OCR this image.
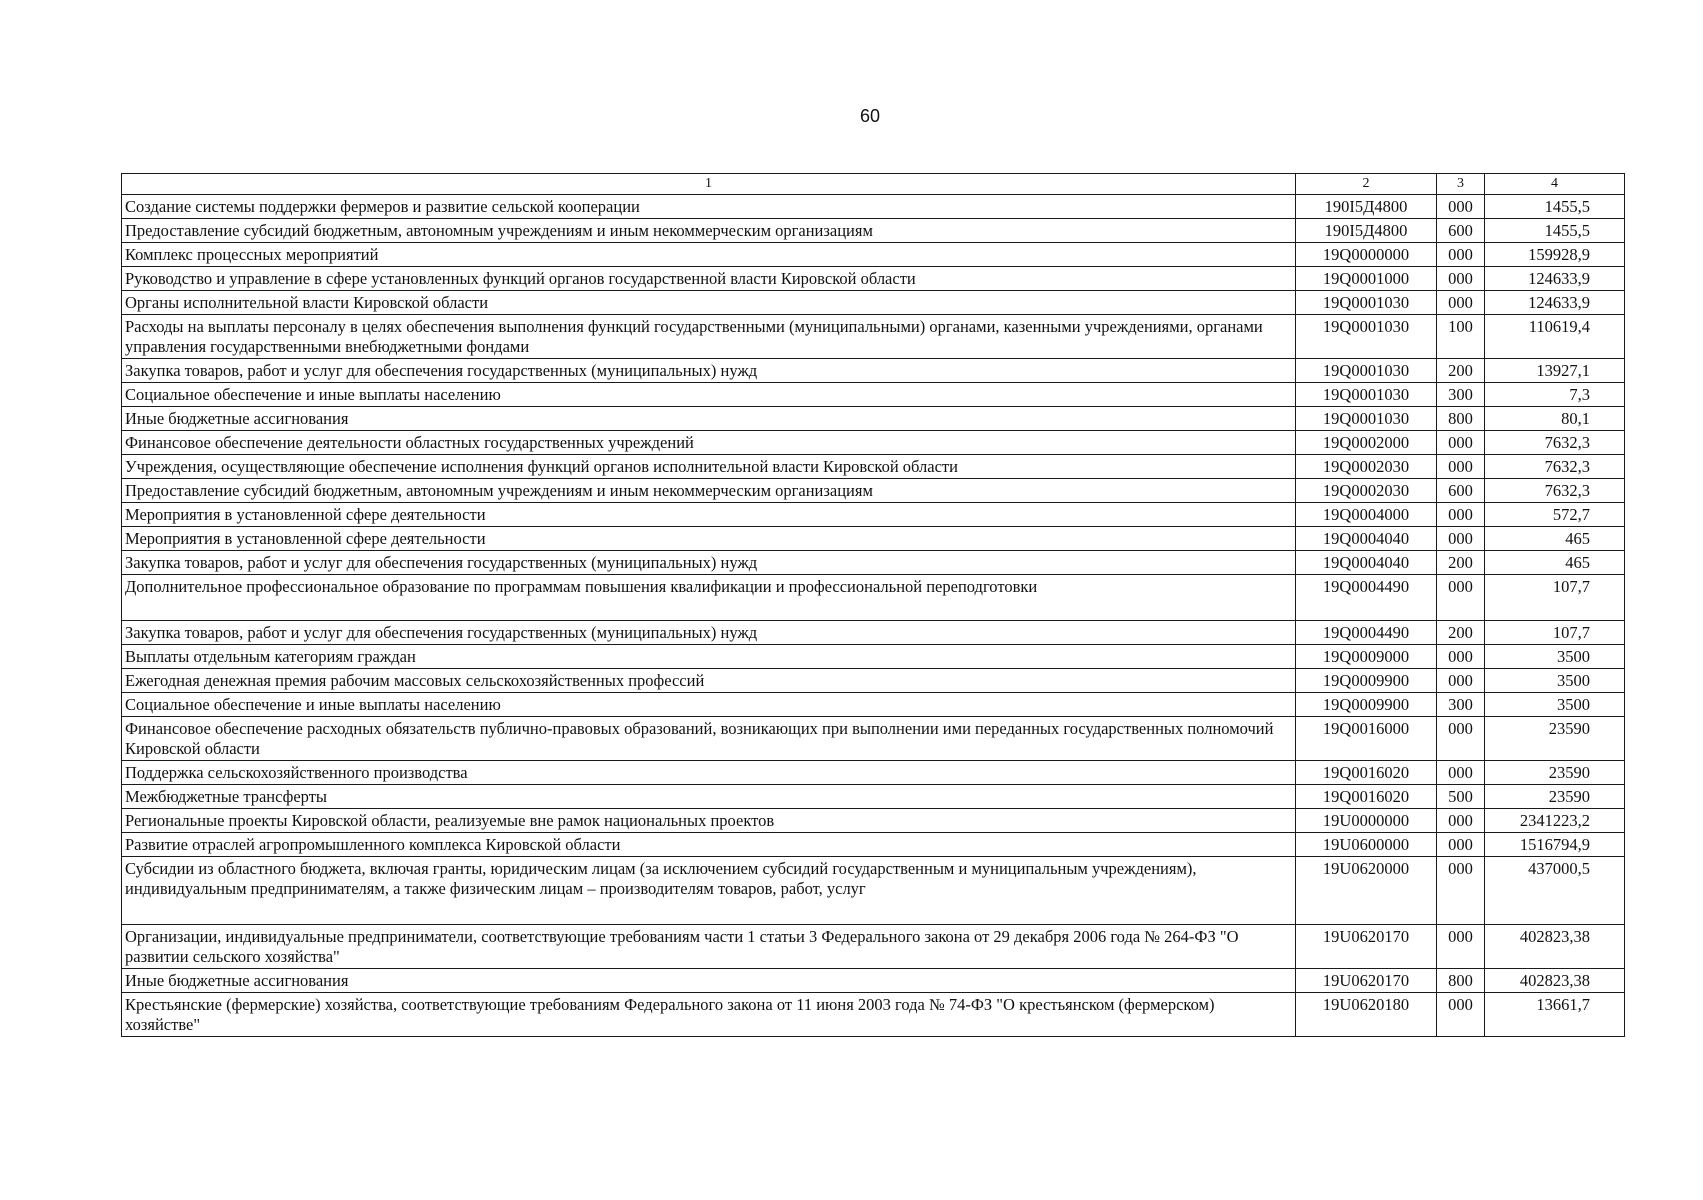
60
1	2	3	4
Создание системы поддержки фермеров и развитие сельской кооперации	190I5Д4800	000	1455,5
Предоставление субсидий бюджетным, автономным учреждениям и иным некоммерческим организациям	190I5Д4800	600	1455,5
Комплекс процессных мероприятий	19Q0000000	000	159928,9
Руководство и управление в сфере установленных функций органов государственной власти Кировской области	19Q0001000	000	124633,9
Органы исполнительной власти Кировской области	19Q0001030	000	124633,9
Расходы на выплаты персоналу в целях обеспечения выполнения функций государственными (муниципальными) органами, казенными учреждениями, органами управления государственными внебюджетными фондами	19Q0001030	100	110619,4
Закупка товаров, работ и услуг для обеспечения государственных (муниципальных) нужд	19Q0001030	200	13927,1
Социальное обеспечение и иные выплаты населению	19Q0001030	300	7,3
Иные бюджетные ассигнования	19Q0001030	800	80,1
Финансовое обеспечение деятельности областных государственных учреждений	19Q0002000	000	7632,3
Учреждения, осуществляющие обеспечение исполнения функций органов исполнительной власти Кировской области	19Q0002030	000	7632,3
Предоставление субсидий бюджетным, автономным учреждениям и иным некоммерческим организациям	19Q0002030	600	7632,3
Мероприятия в установленной сфере деятельности	19Q0004000	000	572,7
Мероприятия в установленной сфере деятельности	19Q0004040	000	465
Закупка товаров, работ и услуг для обеспечения государственных (муниципальных) нужд	19Q0004040	200	465
Дополнительное профессиональное образование по программам повышения квалификации и профессиональной переподготовки	19Q0004490	000	107,7
Закупка товаров, работ и услуг для обеспечения государственных (муниципальных) нужд	19Q0004490	200	107,7
Выплаты отдельным категориям граждан	19Q0009000	000	3500
Ежегодная денежная премия рабочим массовых сельскохозяйственных профессий	19Q0009900	000	3500
Социальное обеспечение и иные выплаты населению	19Q0009900	300	3500
Финансовое обеспечение расходных обязательств публично-правовых образований, возникающих при выполнении ими переданных государственных полномочий Кировской области	19Q0016000	000	23590
Поддержка сельскохозяйственного производства	19Q0016020	000	23590
Межбюджетные трансферты	19Q0016020	500	23590
Региональные проекты Кировской области, реализуемые вне рамок национальных проектов	19U0000000	000	2341223,2
Развитие отраслей агропромышленного комплекса Кировской области	19U0600000	000	1516794,9
Субсидии из областного бюджета, включая гранты, юридическим лицам (за исключением субсидий государственным и муниципальным учреждениям), индивидуальным предпринимателям, а также физическим лицам – производителям товаров, работ, услуг	19U0620000	000	437000,5
Организации, индивидуальные предприниматели, соответствующие требованиям части 1 статьи 3 Федерального закона от 29 декабря 2006 года № 264-ФЗ "О развитии сельского хозяйства"	19U0620170	000	402823,38
Иные бюджетные ассигнования	19U0620170	800	402823,38
Крестьянские (фермерские) хозяйства, соответствующие требованиям Федерального закона от 11 июня 2003 года № 74-ФЗ "О крестьянском (фермерском) хозяйстве"	19U0620180	000	13661,7
